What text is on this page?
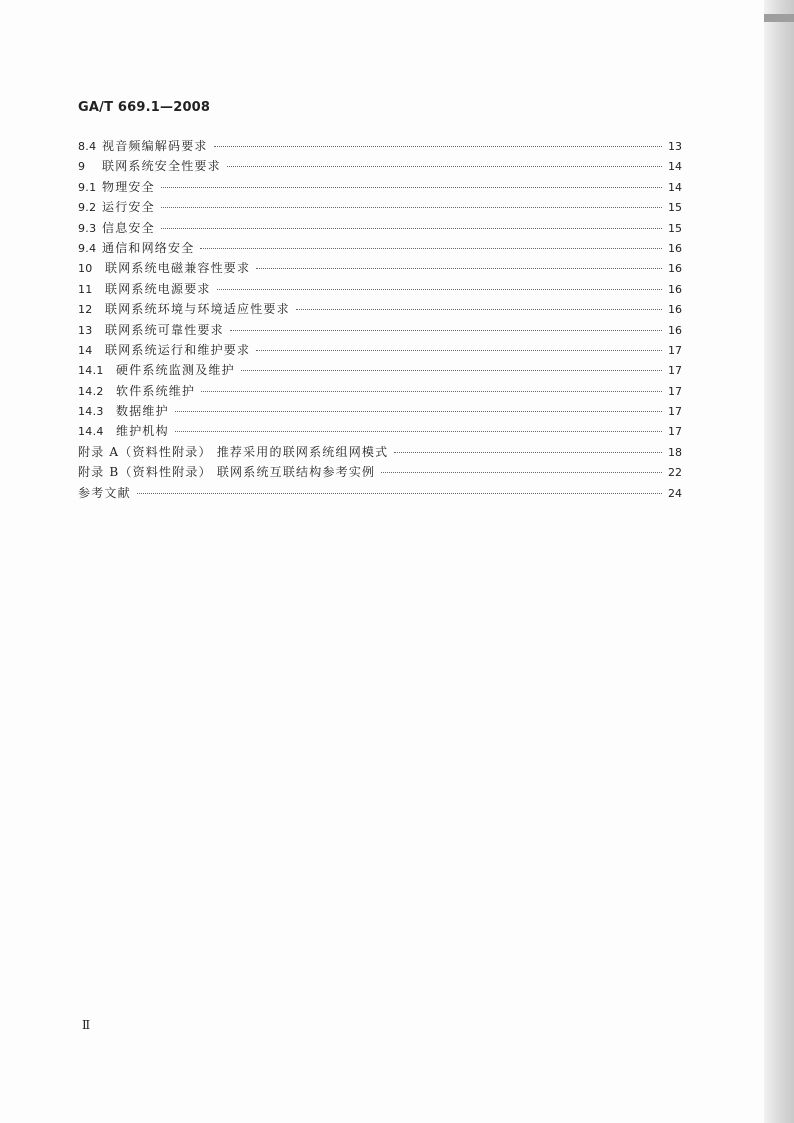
GA/T 669.1—2008
8.4 视音频编解码要求	13
9	联网系统安全性要求	14
9.1 物理安全	14
9.2 运行安全	15
9.3 信息安全	15
9.4 通信和网络安全	16
10	联网系统电磁兼容性要求	16
11	联网系统电源要求	16
12	联网系统环境与环境适应性要求	16
13	联网系统可靠性要求	16
14	联网系统运行和维护要求	17
14.1	硬件系统监测及维护	17
14.2	软件系统维护	17
14.3	数据维护	17
14.4	维护机构	17
附录 A（资料性附录） 推荐采用的联网系统组网模式	18
附录 B（资料性附录） 联网系统互联结构参考实例	22
参考文献	24
Ⅱ
